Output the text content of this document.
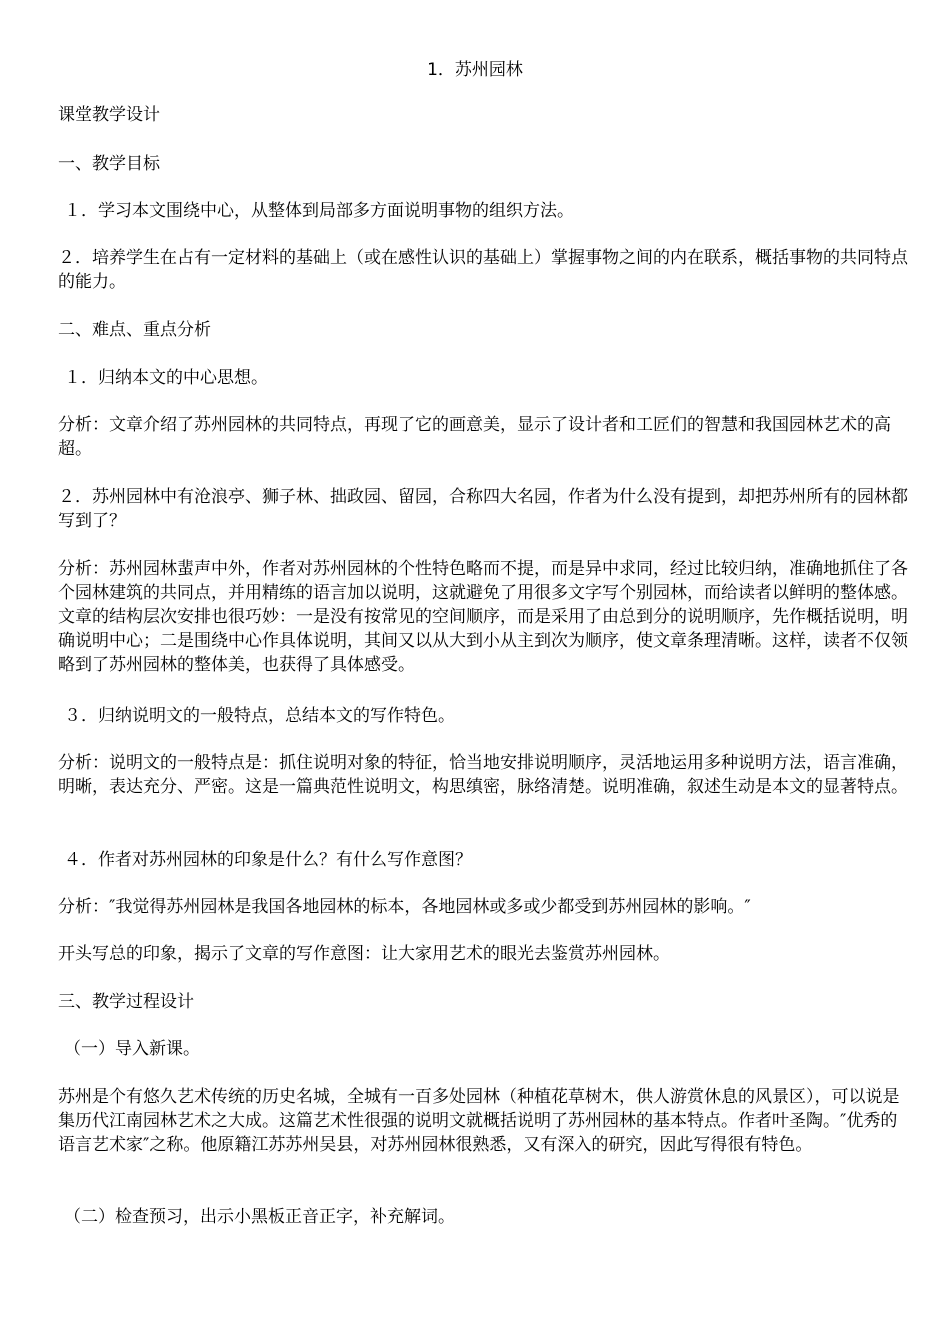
1．苏州园林

课堂教学设计

一、教学目标

１．学习本文围绕中心，从整体到局部多方面说明事物的组织方法。

２．培养学生在占有一定材料的基础上（或在感性认识的基础上）掌握事物之间的内在联系，概括事物的共同特点的能力。

二、难点、重点分析

１．归纳本文的中心思想。

分析：文章介绍了苏州园林的共同特点，再现了它的画意美，显示了设计者和工匠们的智慧和我国园林艺术的高超。

２．苏州园林中有沧浪亭、狮子林、拙政园、留园，合称四大名园，作者为什么没有提到，却把苏州所有的园林都写到了？

分析：苏州园林蜚声中外，作者对苏州园林的个性特色略而不提，而是异中求同，经过比较归纳，准确地抓住了各个园林建筑的共同点，并用精练的语言加以说明，这就避免了用很多文字写个别园林，而给读者以鲜明的整体感。文章的结构层次安排也很巧妙：一是没有按常见的空间顺序，而是采用了由总到分的说明顺序，先作概括说明，明确说明中心；二是围绕中心作具体说明，其间又以从大到小从主到次为顺序，使文章条理清晰。这样，读者不仅领略到了苏州园林的整体美，也获得了具体感受。

３．归纳说明文的一般特点，总结本文的写作特色。

分析：说明文的一般特点是：抓住说明对象的特征，恰当地安排说明顺序，灵活地运用多种说明方法，语言准确，明晰，表达充分、严密。这是一篇典范性说明文，构思缜密，脉络清楚。说明准确，叙述生动是本文的显著特点。

４．作者对苏州园林的印象是什么？有什么写作意图？

分析：″我觉得苏州园林是我国各地园林的标本，各地园林或多或少都受到苏州园林的影响。″

开头写总的印象，揭示了文章的写作意图：让大家用艺术的眼光去鉴赏苏州园林。

三、教学过程设计

（一）导入新课。

苏州是个有悠久艺术传统的历史名城，全城有一百多处园林（种植花草树木，供人游赏休息的风景区），可以说是集历代江南园林艺术之大成。这篇艺术性很强的说明文就概括说明了苏州园林的基本特点。作者叶圣陶。″优秀的语言艺术家″之称。他原籍江苏苏州吴县，对苏州园林很熟悉，又有深入的研究，因此写得很有特色。

（二）检查预习，出示小黑板正音正字，补充解词。
